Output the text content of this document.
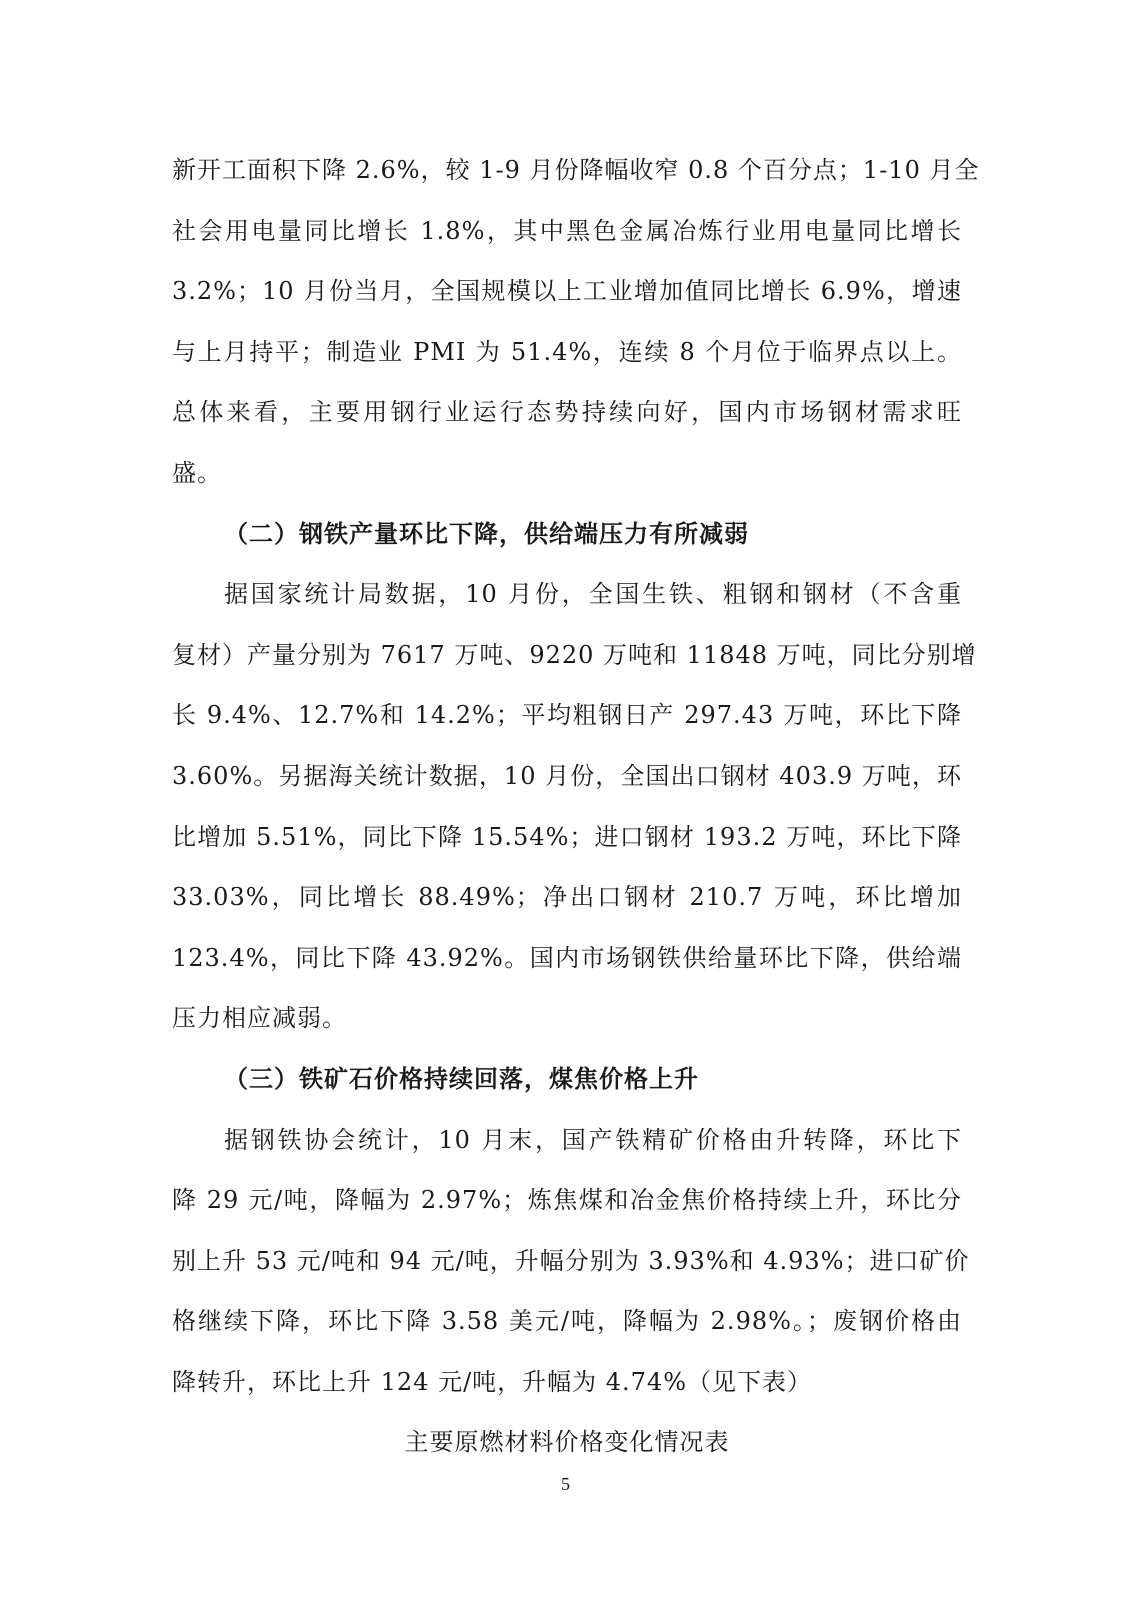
新开工面积下降 2.6%，较 1-9 月份降幅收窄 0.8 个百分点；1-10 月全
社会用电量同比增长 1.8%，其中黑色金属冶炼行业用电量同比增长
3.2%；10 月份当月，全国规模以上工业增加值同比增长 6.9%，增速
与上月持平；制造业 PMI 为 51.4%，连续 8 个月位于临界点以上。
总体来看，主要用钢行业运行态势持续向好，国内市场钢材需求旺
盛。
（二）钢铁产量环比下降，供给端压力有所减弱
据国家统计局数据，10 月份，全国生铁、粗钢和钢材（不含重
复材）产量分别为 7617 万吨、9220 万吨和 11848 万吨，同比分别增
长 9.4%、12.7%和 14.2%；平均粗钢日产 297.43 万吨，环比下降
3.60%。另据海关统计数据，10 月份，全国出口钢材 403.9 万吨，环
比增加 5.51%，同比下降 15.54%；进口钢材 193.2 万吨，环比下降
33.03%，同比增长 88.49%；净出口钢材 210.7 万吨，环比增加
123.4%，同比下降 43.92%。国内市场钢铁供给量环比下降，供给端
压力相应减弱。
（三）铁矿石价格持续回落，煤焦价格上升
据钢铁协会统计，10 月末，国产铁精矿价格由升转降，环比下
降 29 元/吨，降幅为 2.97%；炼焦煤和冶金焦价格持续上升，环比分
别上升 53 元/吨和 94 元/吨，升幅分别为 3.93%和 4.93%；进口矿价
格继续下降，环比下降 3.58 美元/吨，降幅为 2.98%。；废钢价格由
降转升，环比上升 124 元/吨，升幅为 4.74%（见下表）
主要原燃材料价格变化情况表
5
